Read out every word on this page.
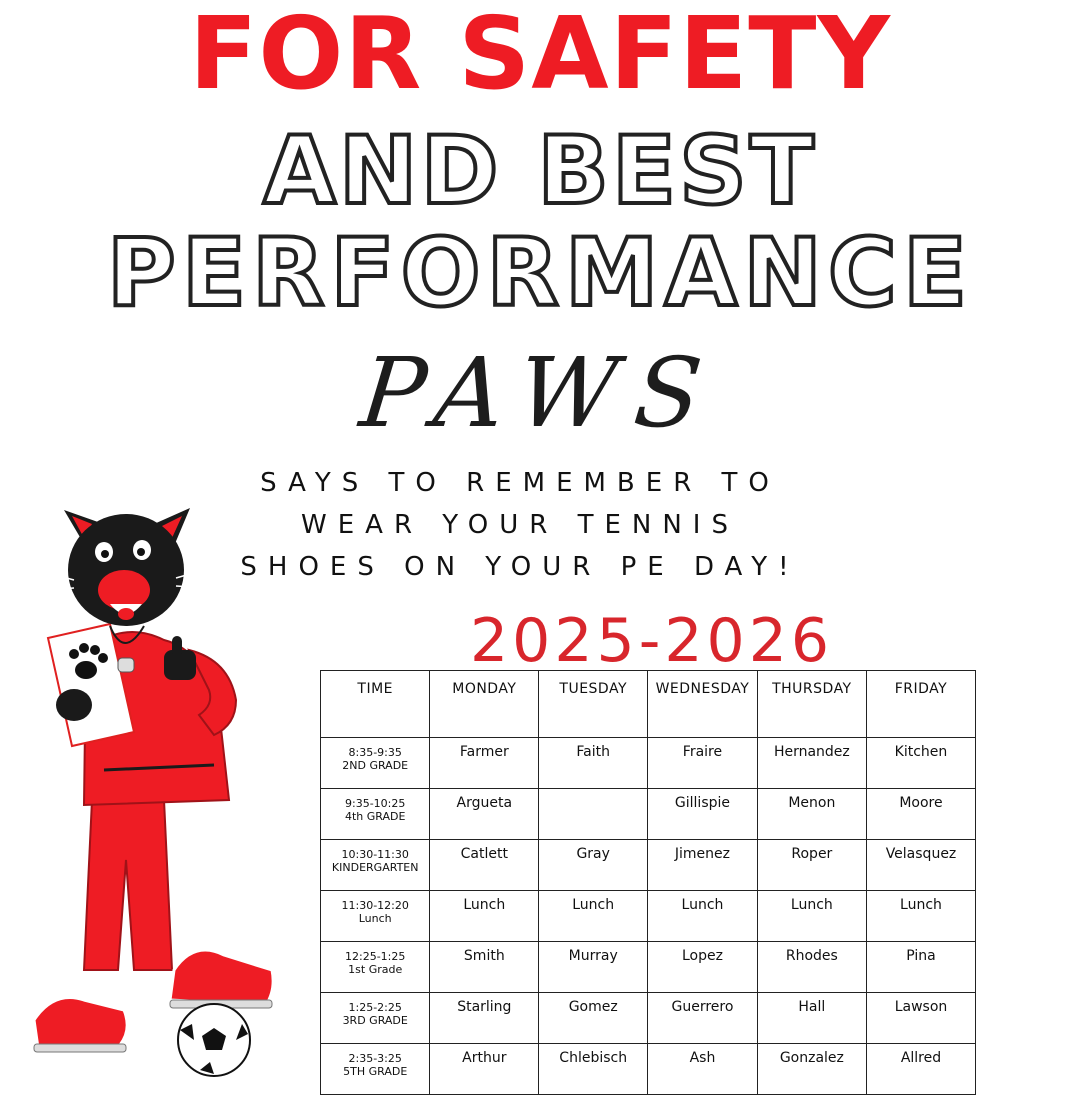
FOR SAFETY
AND BEST
PERFORMANCE
PAWS
SAYS TO REMEMBER TO
WEAR YOUR TENNIS
SHOES ON YOUR PE DAY!
2025-2026
TIME	MONDAY	TUESDAY	WEDNESDAY	THURSDAY	FRIDAY

8:35-9:35
2ND GRADE	Farmer	Faith	Fraire	Hernandez	Kitchen

9:35-10:25
4th GRADE	Argueta		Gillispie	Menon	Moore

10:30-11:30
KINDERGARTEN	Catlett	Gray	Jimenez	Roper	Velasquez

11:30-12:20
Lunch	Lunch	Lunch	Lunch	Lunch	Lunch

12:25-1:25
1st Grade	Smith	Murray	Lopez	Rhodes	Pina

1:25-2:25
3RD GRADE	Starling	Gomez	Guerrero	Hall	Lawson

2:35-3:25
5TH GRADE	Arthur	Chlebisch	Ash	Gonzalez	Allred
